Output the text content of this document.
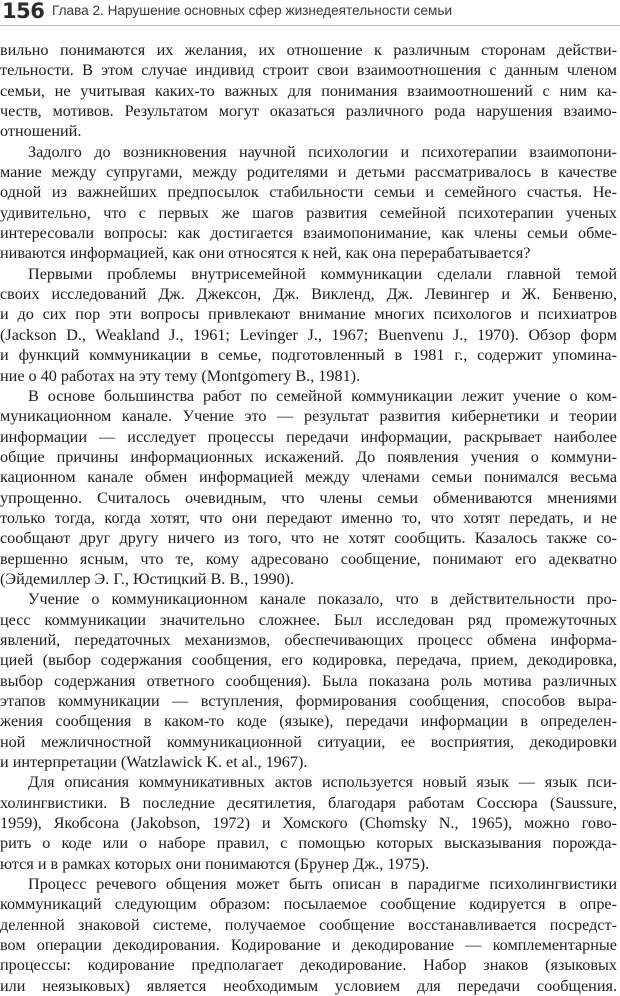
156 Глава 2. Нарушение основных сфер жизнедеятельности семьи

вильно понимаются их желания, их отношение к различным сторонам действи-

тельности. В этом случае индивид строит свои взаимоотношения с данным членом

семьи, не учитывая каких-то важных для понимания взаимоотношений с ним ка-

честв, мотивов. Результатом могут оказаться различного рода нарушения взаимо-

отношений.

Задолго до возникновения научной психологии и психотерапии взаимопони-

мание между супругами, между родителями и детьми рассматривалось в качестве

одной из важнейших предпосылок стабильности семьи и семейного счастья. Не-

удивительно, что с первых же шагов развития семейной психотерапии ученых

интересовали вопросы: как достигается взаимопонимание, как члены семьи обме-

ниваются информацией, как они относятся к ней, как она перерабатывается?

Первыми проблемы внутрисемейной коммуникации сделали главной темой

своих исследований Дж. Джексон, Дж. Викленд, Дж. Левингер и Ж. Бенвеню,

и до сих пор эти вопросы привлекают внимание многих психологов и психиатров

(Jackson D., Weakland J., 1961; Levinger J., 1967; Buenvenu J., 1970). Обзор форм

и функций коммуникации в семье, подготовленный в 1981 г., содержит упомина-

ние о 40 работах на эту тему (Montgomery B., 1981).

В основе большинства работ по семейной коммуникации лежит учение о ком-

муникационном канале. Учение это — результат развития кибернетики и теории

информации — исследует процессы передачи информации, раскрывает наиболее

общие причины информационных искажений. До появления учения о коммуни-

кационном канале обмен информацией между членами семьи понимался весьма

упрощенно. Считалось очевидным, что члены семьи обмениваются мнениями

только тогда, когда хотят, что они передают именно то, что хотят передать, и не

сообщают друг другу ничего из того, что не хотят сообщить. Казалось также со-

вершенно ясным, что те, кому адресовано сообщение, понимают его адекватно

(Эйдемиллер Э. Г., Юстицкий В. В., 1990).

Учение о коммуникационном канале показало, что в действительности про-

цесс коммуникации значительно сложнее. Был исследован ряд промежуточных

явлений, передаточных механизмов, обеспечивающих процесс обмена информа-

цией (выбор содержания сообщения, его кодировка, передача, прием, декодировка,

выбор содержания ответного сообщения). Была показана роль мотива различных

этапов коммуникации — вступления, формирования сообщения, способов выра-

жения сообщения в каком-то коде (языке), передачи информации в определен-

ной межличностной коммуникационной ситуации, ее восприятия, декодировки

и интерпретации (Watzlawick K. et al., 1967).

Для описания коммуникативных актов используется новый язык — язык пси-

холингвистики. В последние десятилетия, благодаря работам Соссюра (Saussure,

1959), Якобсона (Jakobson, 1972) и Хомского (Chomsky N., 1965), можно гово-

рить о коде или о наборе правил, с помощью которых высказывания порожда-

ются и в рамках которых они понимаются (Брунер Дж., 1975).

Процесс речевого общения может быть описан в парадигме психолингвистики

коммуникаций следующим образом: посылаемое сообщение кодируется в опре-

деленной знаковой системе, получаемое сообщение восстанавливается посредст-

вом операции декодирования. Кодирование и декодирование — комплементарные

процессы: кодирование предполагает декодирование. Набор знаков (языковых

или неязыковых) является необходимым условием для передачи сообщения.
